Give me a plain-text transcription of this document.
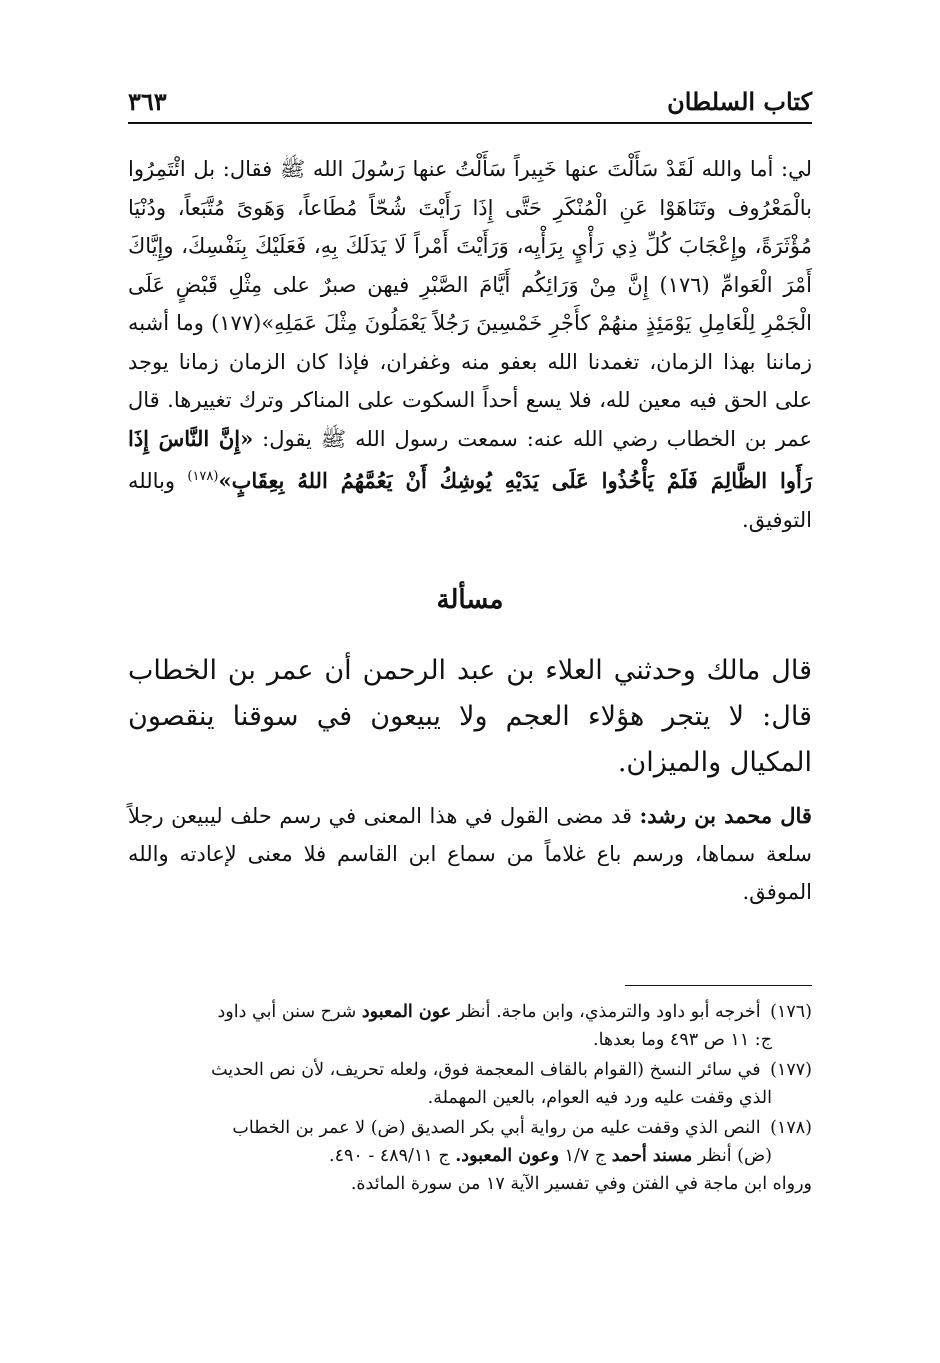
كتاب السلطان
٣٦٣

لي: أما والله لَقَدْ سَأَلْتَ عنها خَبِيراً سَأَلْتُ عنها رَسُولَ الله ﷺ فقال: بل ائْتَمِرُوا بالْمَعْرُوف وتَنَاهَوْا عَنِ الْمُنْكَرِ حَتَّى إِذَا رَأَيْتَ شُحّاً مُطَاعاً، وَهَوىً مُتَّبَعاً، ودُنْيَا مُؤْثَرَةً، وإِعْجَابَ كُلِّ ذِي رَأْيٍ بِرَأْيِه، وَرَأَيْتَ أَمْراً لَا يَدَلَكَ بِهِ، فَعَلَيْكَ بِنَفْسِكَ، وإِيَّاكَ أَمْرَ الْعَوامِّ (١٧٦) إِنَّ مِنْ وَرَائِكُم أَيَّامَ الصَّبْرِ فيهن صبرٌ على مِثْلِ قَبْضٍ عَلَى الْجَمْرِ لِلْعَامِلِ يَوْمَئِذٍ منهُمْ كأَجْرِ خَمْسِينَ رَجُلاً يَعْمَلُونَ مِثْلَ عَمَلِهِ»(١٧٧) وما أشبه زماننا بهذا الزمان، تغمدنا الله بعفو منه وغفران، فإذا كان الزمان زمانا يوجد على الحق فيه معين لله، فلا يسع أحداً السكوت على المناكر وترك تغييرها. قال عمر بن الخطاب رضي الله عنه: سمعت رسول الله ﷺ يقول: «إِنَّ النَّاسَ إِذَا رَأَوا الظَّالِمَ فَلَمْ يَأْخُذُوا عَلَى يَدَيْهِ يُوشِكُ أَنْ يَعُمَّهُمُ اللهُ بِعِقَابٍ»$^{(١٧٨)}$ وبالله التوفيق.

مسألة

قال مالك وحدثني العلاء بن عبد الرحمن أن عمر بن الخطاب قال: لا يتجر هؤلاء العجم ولا يبيعون في سوقنا ينقصون المكيال والميزان.

قال محمد بن رشد: قد مضى القول في هذا المعنى في رسم حلف ليبيعن رجلاً سلعة سماها، ورسم باع غلاماً من سماع ابن القاسم فلا معنى لإعادته والله الموفق.

(١٧٦) أخرجه أبو داود والترمذي، وابن ماجة. أنظر عون المعبود شرح سنن أبي داود
ج: ١١ ص ٤٩٣ وما بعدها.

(١٧٧) في سائر النسخ (القوام بالقاف المعجمة فوق، ولعله تحريف، لأن نص الحديث
الذي وقفت عليه ورد فيه العوام، بالعين المهملة.

(١٧٨) النص الذي وقفت عليه من رواية أبي بكر الصديق (ض) لا عمر بن الخطاب
(ض) أنظر مسند أحمد ج ١/٧ وعون المعبود. ج ٤٨٩/١١ - ٤٩٠.
ورواه ابن ماجة في الفتن وفي تفسير الآية ١٧ من سورة المائدة.
